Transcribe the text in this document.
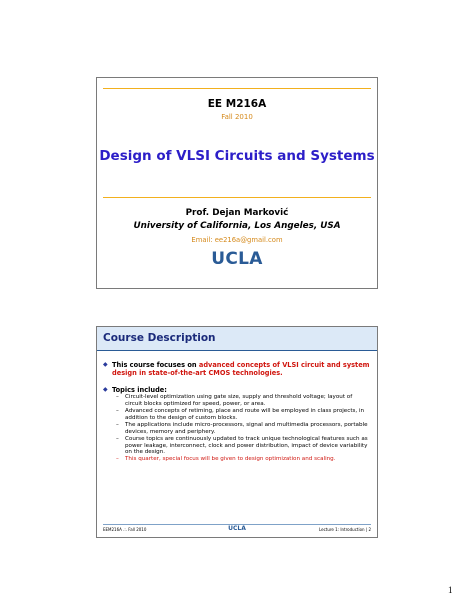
EE M216A
Fall 2010
Design of VLSI Circuits and Systems
Prof. Dejan Marković
University of California, Los Angeles, USA
Email: ee216a@gmail.com
UCLA
Course Description
◆ This course focuses on advanced concepts of VLSI circuit and system design in state-of-the-art CMOS technologies.
◆ Topics include:
– Circuit-level optimization using gate size, supply and threshold voltage; layout of circuit blocks optimized for speed, power, or area.
– Advanced concepts of retiming, place and route will be employed in class projects, in addition to the design of custom blocks.
– The applications include micro-processors, signal and multimedia processors, portable devices, memory and periphery.
– Course topics are continuously updated to track unique technological features such as power leakage, interconnect, clock and power distribution, impact of device variability on the design.
– This quarter, special focus will be given to design optimization and scaling.
EEM216A .:. Fall 2010	UCLA	Lecture 1: Introduction | 2
1
